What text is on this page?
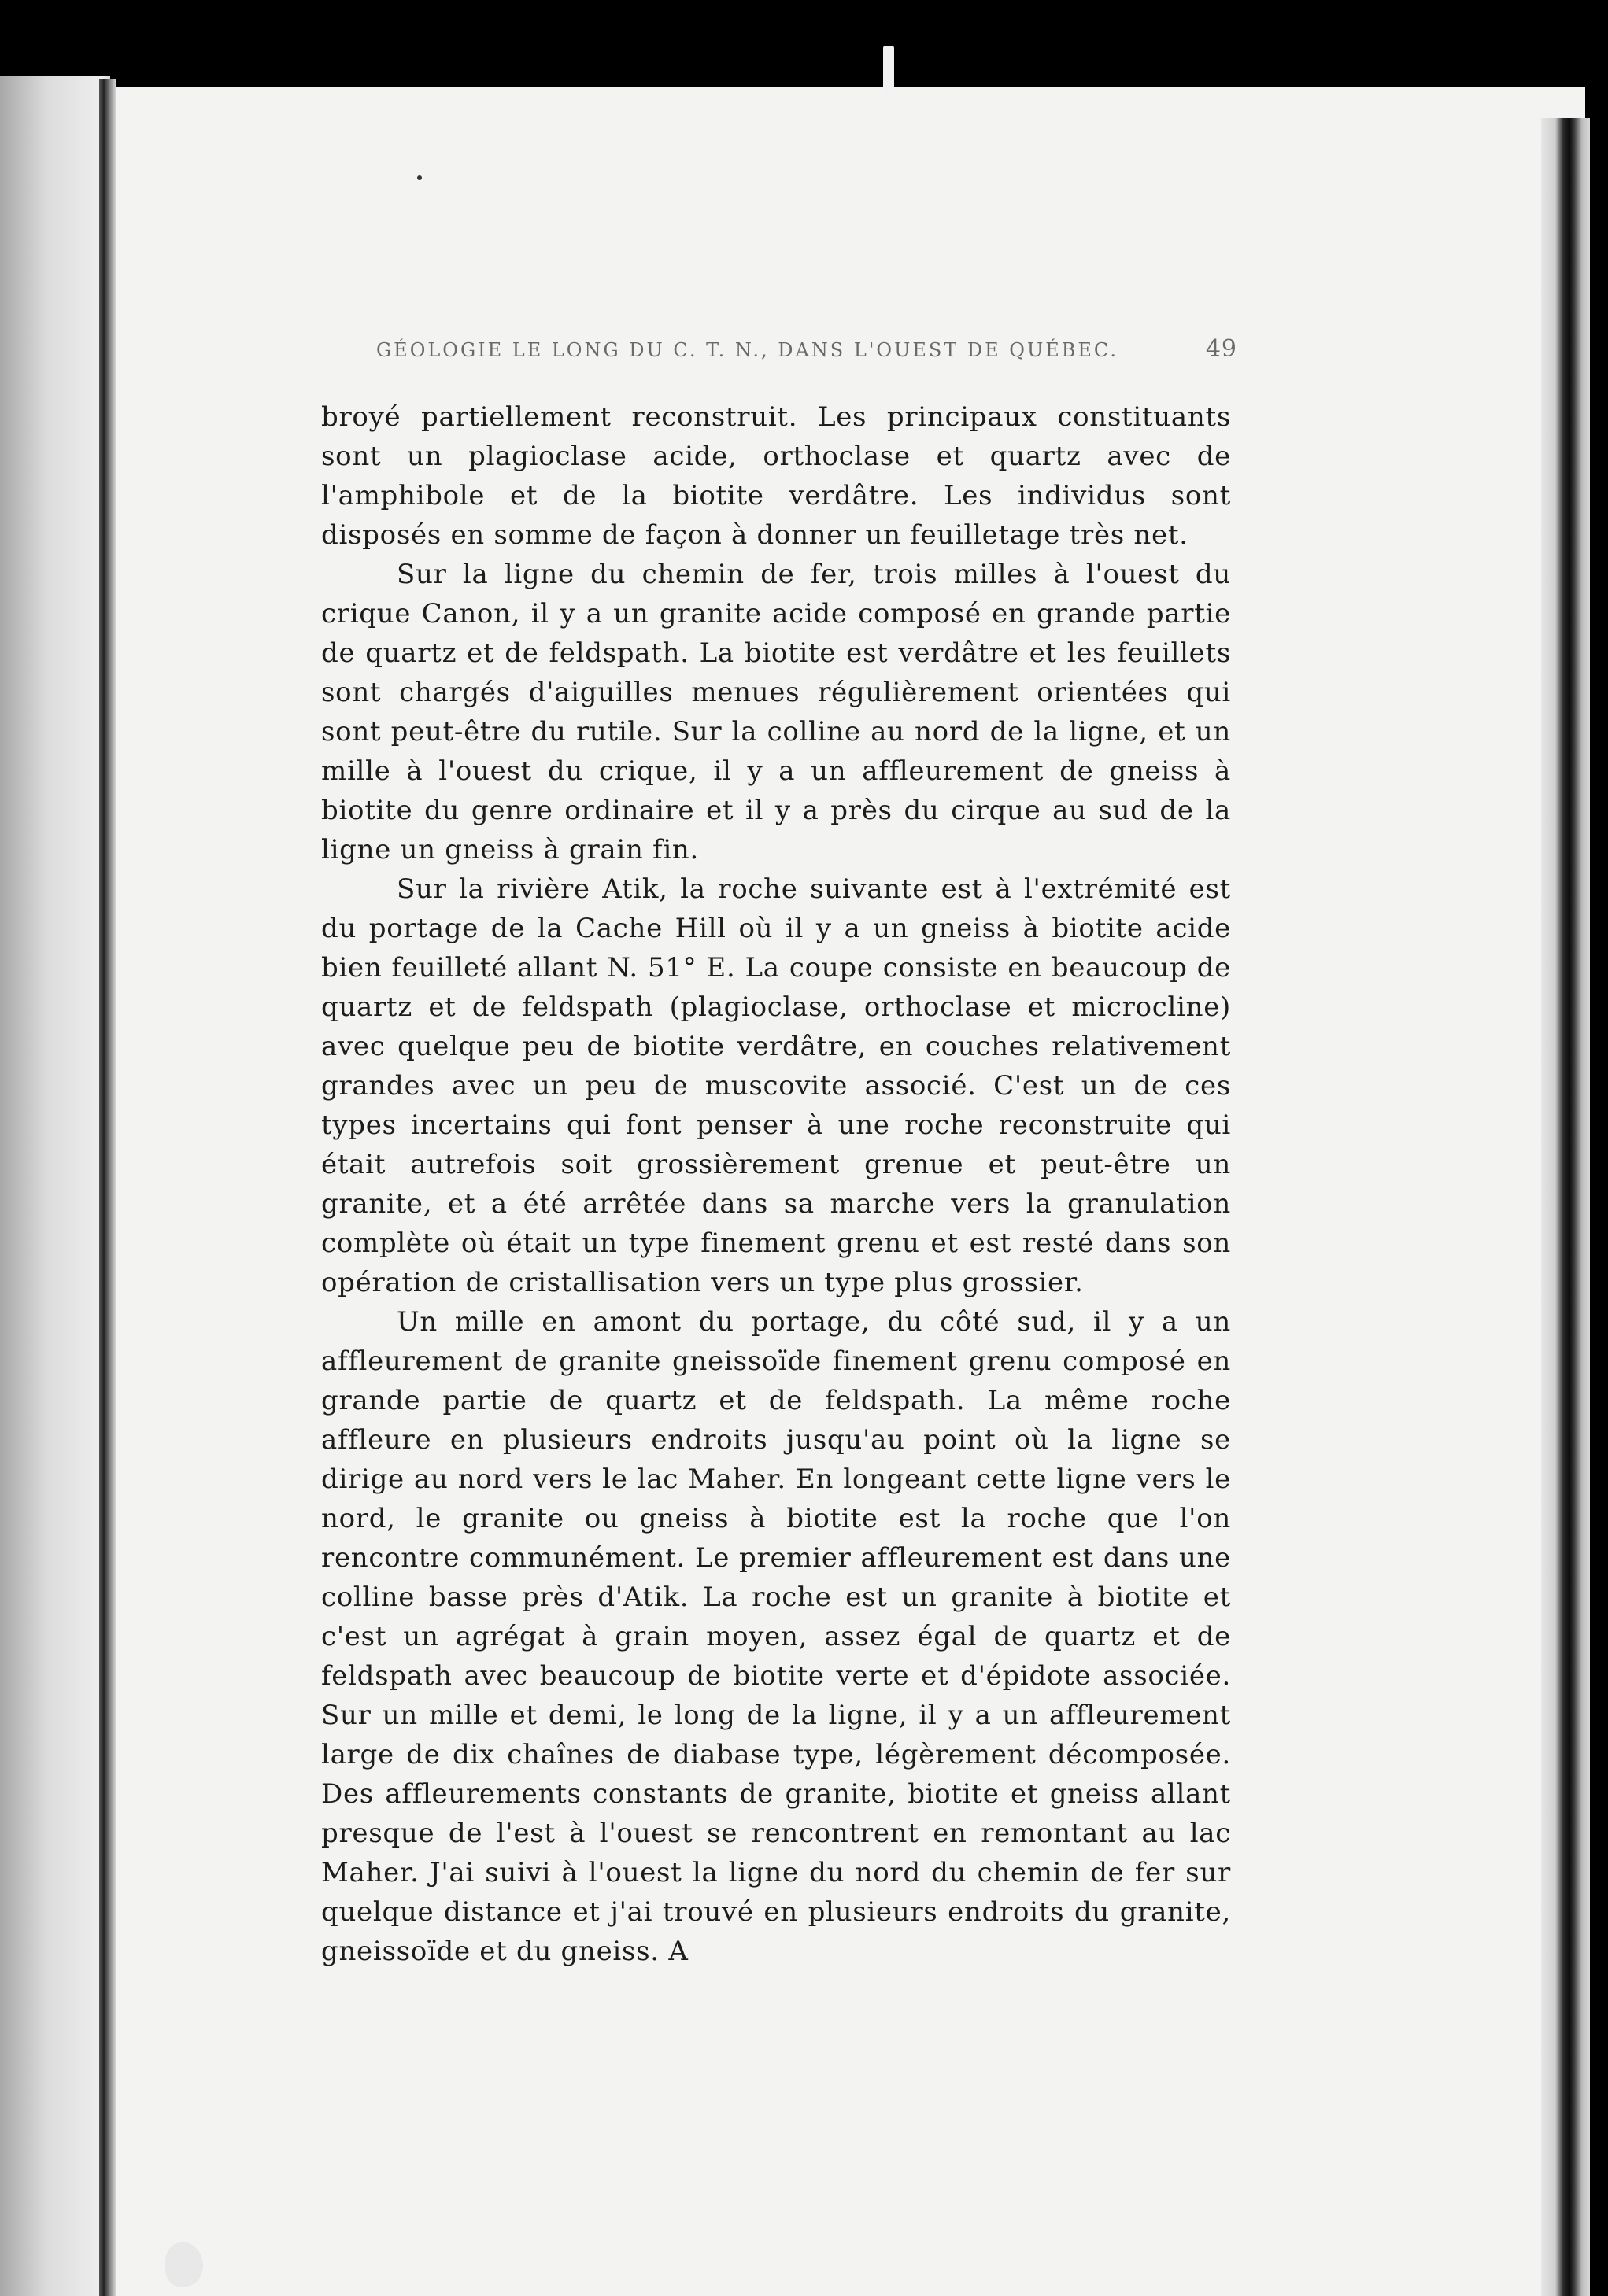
GÉOLOGIE LE LONG DU C. T. N., DANS L'OUEST DE QUÉBEC.	49

broyé partiellement reconstruit. Les principaux constituants sont un plagioclase acide, orthoclase et quartz avec de l'amphibole et de la biotite verdâtre. Les individus sont disposés en somme de façon à donner un feuilletage très net.

Sur la ligne du chemin de fer, trois milles à l'ouest du crique Canon, il y a un granite acide composé en grande partie de quartz et de feldspath. La biotite est verdâtre et les feuillets sont chargés d'aiguilles menues régulièrement orientées qui sont peut-être du rutile. Sur la colline au nord de la ligne, et un mille à l'ouest du crique, il y a un affleurement de gneiss à biotite du genre ordinaire et il y a près du cirque au sud de la ligne un gneiss à grain fin.

Sur la rivière Atik, la roche suivante est à l'extrémité est du portage de la Cache Hill où il y a un gneiss à biotite acide bien feuilleté allant N. 51° E. La coupe consiste en beaucoup de quartz et de feldspath (plagioclase, orthoclase et microcline) avec quelque peu de biotite verdâtre, en couches relativement grandes avec un peu de muscovite associé. C'est un de ces types incertains qui font penser à une roche reconstruite qui était autrefois soit grossièrement grenue et peut-être un granite, et a été arrêtée dans sa marche vers la granulation complète où était un type finement grenu et est resté dans son opération de cristallisation vers un type plus grossier.

Un mille en amont du portage, du côté sud, il y a un affleurement de granite gneissoïde finement grenu composé en grande partie de quartz et de feldspath. La même roche affleure en plusieurs endroits jusqu'au point où la ligne se dirige au nord vers le lac Maher. En longeant cette ligne vers le nord, le granite ou gneiss à biotite est la roche que l'on rencontre communément. Le premier affleurement est dans une colline basse près d'Atik. La roche est un granite à biotite et c'est un agrégat à grain moyen, assez égal de quartz et de feldspath avec beaucoup de biotite verte et d'épidote associée. Sur un mille et demi, le long de la ligne, il y a un affleurement large de dix chaînes de diabase type, légèrement décomposée. Des affleurements constants de granite, biotite et gneiss allant presque de l'est à l'ouest se rencontrent en remontant au lac Maher. J'ai suivi à l'ouest la ligne du nord du chemin de fer sur quelque distance et j'ai trouvé en plusieurs endroits du granite, gneissoïde et du gneiss. A
